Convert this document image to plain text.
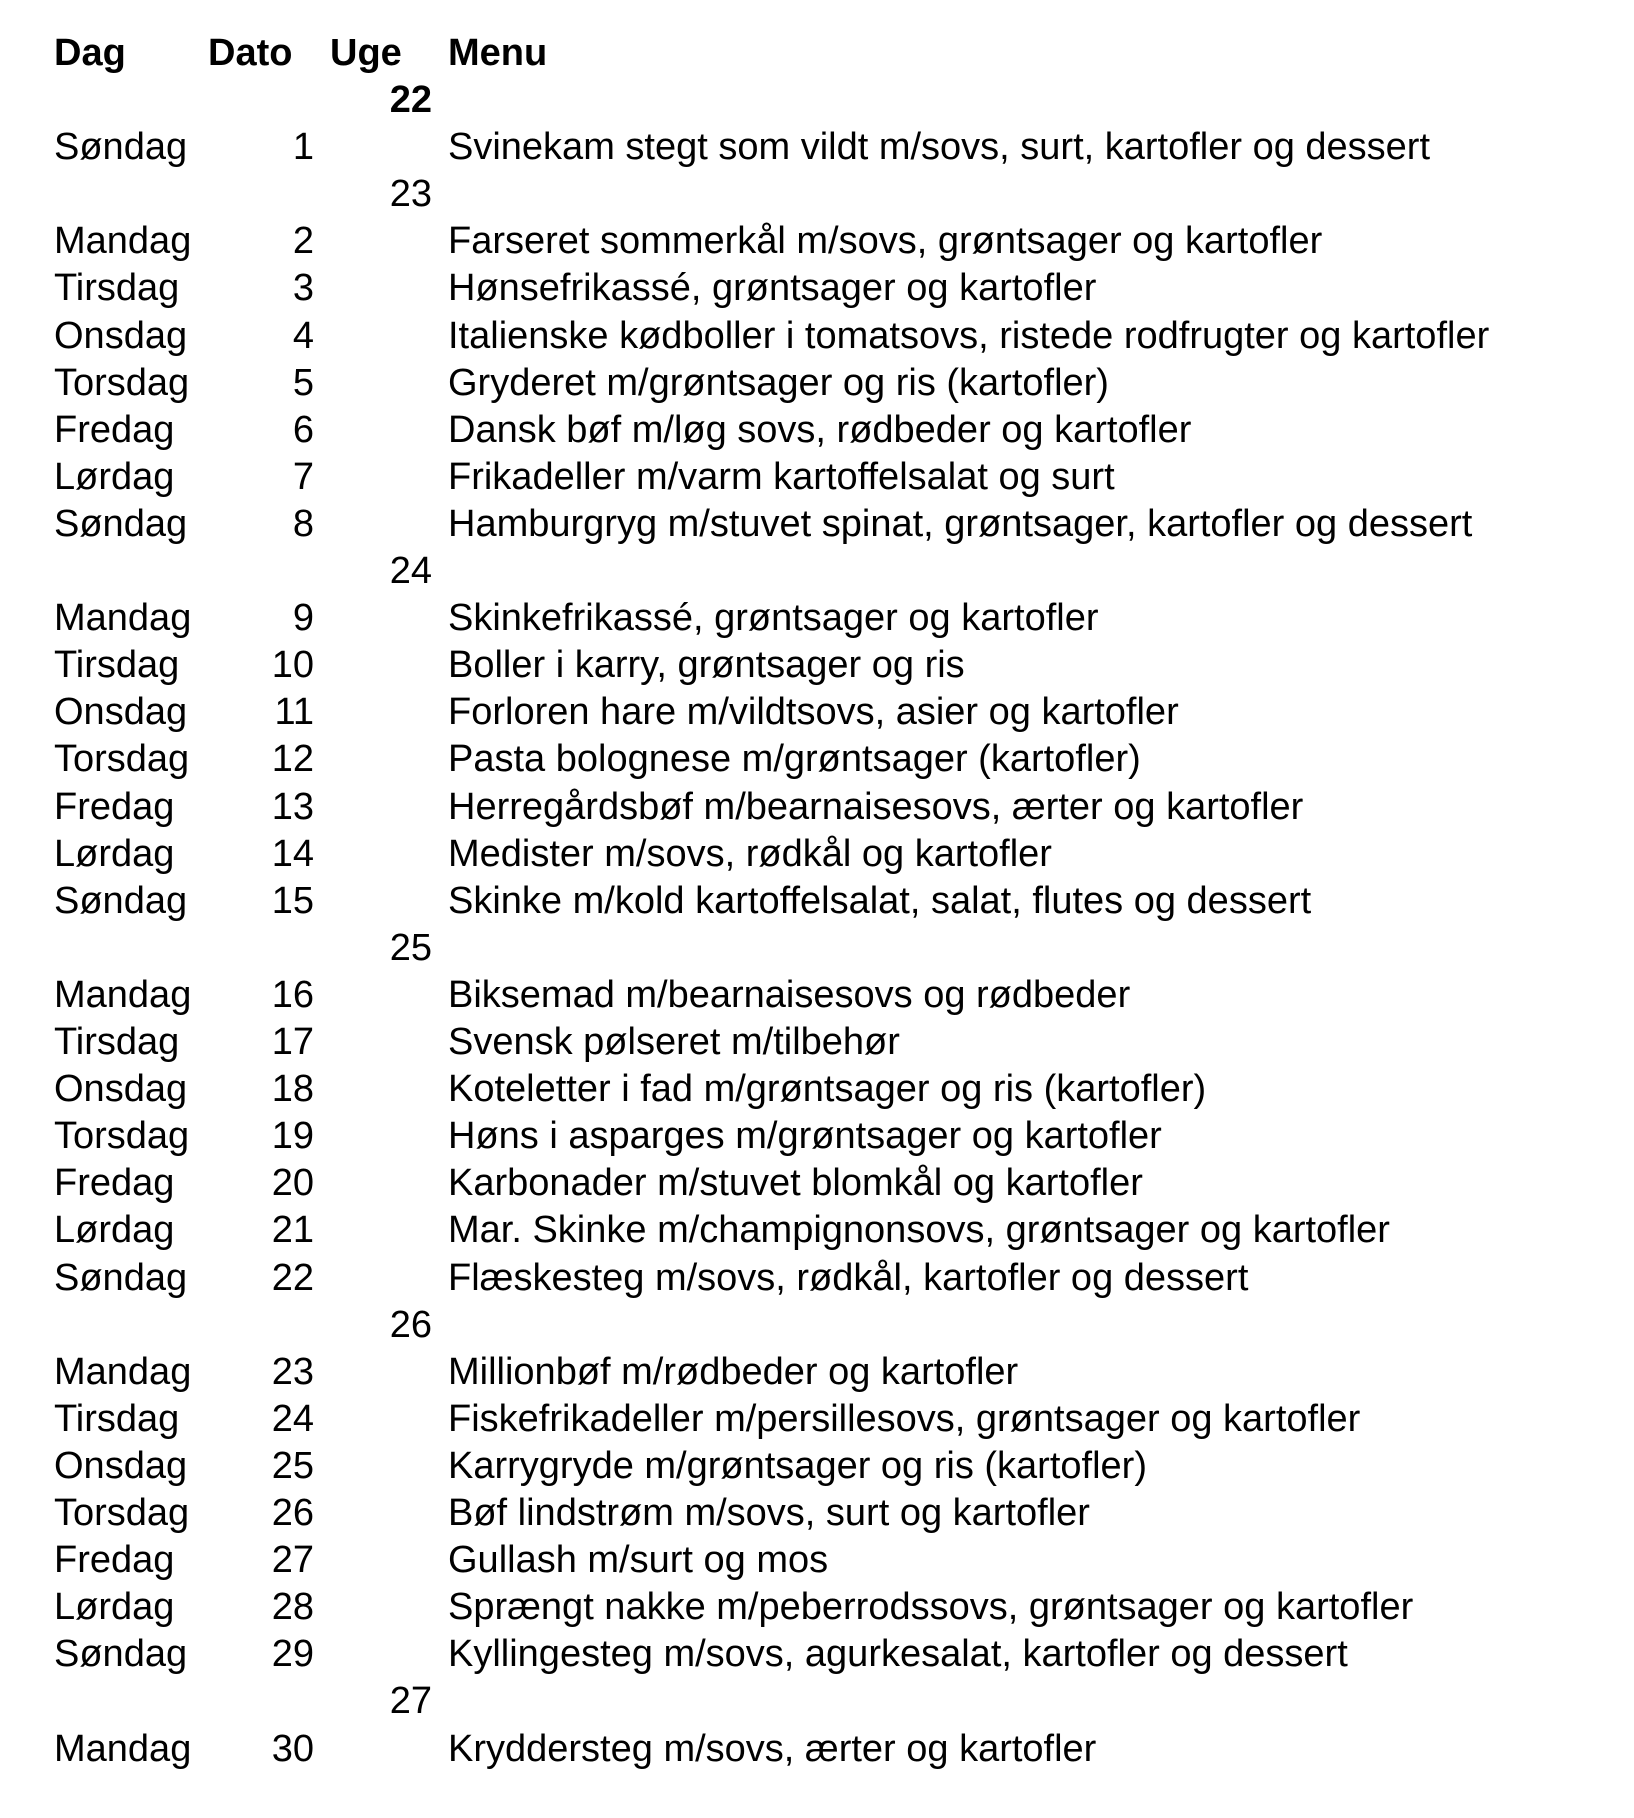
Dag Dato Uge Menu
22
Søndag	1	Svinekam stegt som vildt m/sovs, surt, kartofler og dessert
23
Mandag	2	Farseret sommerkål m/sovs, grøntsager og kartofler
Tirsdag	3	Hønsefrikassé, grøntsager og kartofler
Onsdag	4	Italienske kødboller i tomatsovs, ristede rodfrugter og kartofler
Torsdag	5	Gryderet m/grøntsager og ris (kartofler)
Fredag	6	Dansk bøf m/løg sovs, rødbeder og kartofler
Lørdag	7	Frikadeller m/varm kartoffelsalat og surt
Søndag	8	Hamburgryg m/stuvet spinat, grøntsager, kartofler og dessert
24
Mandag	9	Skinkefrikassé, grøntsager og kartofler
Tirsdag 10	Boller i karry, grøntsager og ris
Onsdag 11	Forloren hare m/vildtsovs, asier og kartofler
Torsdag 12	Pasta bolognese m/grøntsager (kartofler)
Fredag	13	Herregårdsbøf m/bearnaisesovs, ærter og kartofler
Lørdag	14	Medister m/sovs, rødkål og kartofler
Søndag 15	Skinke m/kold kartoffelsalat, salat, flutes og dessert
25
Mandag 16	Biksemad m/bearnaisesovs og rødbeder
Tirsdag 17	Svensk pølseret m/tilbehør
Onsdag 18	Koteletter i fad m/grøntsager og ris (kartofler)
Torsdag 19	Høns i asparges m/grøntsager og kartofler
Fredag	20	Karbonader m/stuvet blomkål og kartofler
Lørdag	21	Mar. Skinke m/champignonsovs, grøntsager og kartofler
Søndag 22	Flæskesteg m/sovs, rødkål, kartofler og dessert
26
Mandag 23	Millionbøf m/rødbeder og kartofler
Tirsdag 24	Fiskefrikadeller m/persillesovs, grøntsager og kartofler
Onsdag 25	Karrygryde m/grøntsager og ris (kartofler)
Torsdag 26	Bøf lindstrøm m/sovs, surt og kartofler
Fredag	27	Gullash m/surt og mos
Lørdag	28	Sprængt nakke m/peberrodssovs, grøntsager og kartofler
Søndag 29	Kyllingesteg m/sovs, agurkesalat, kartofler og dessert
27
Mandag 30	Kryddersteg m/sovs, ærter og kartofler
